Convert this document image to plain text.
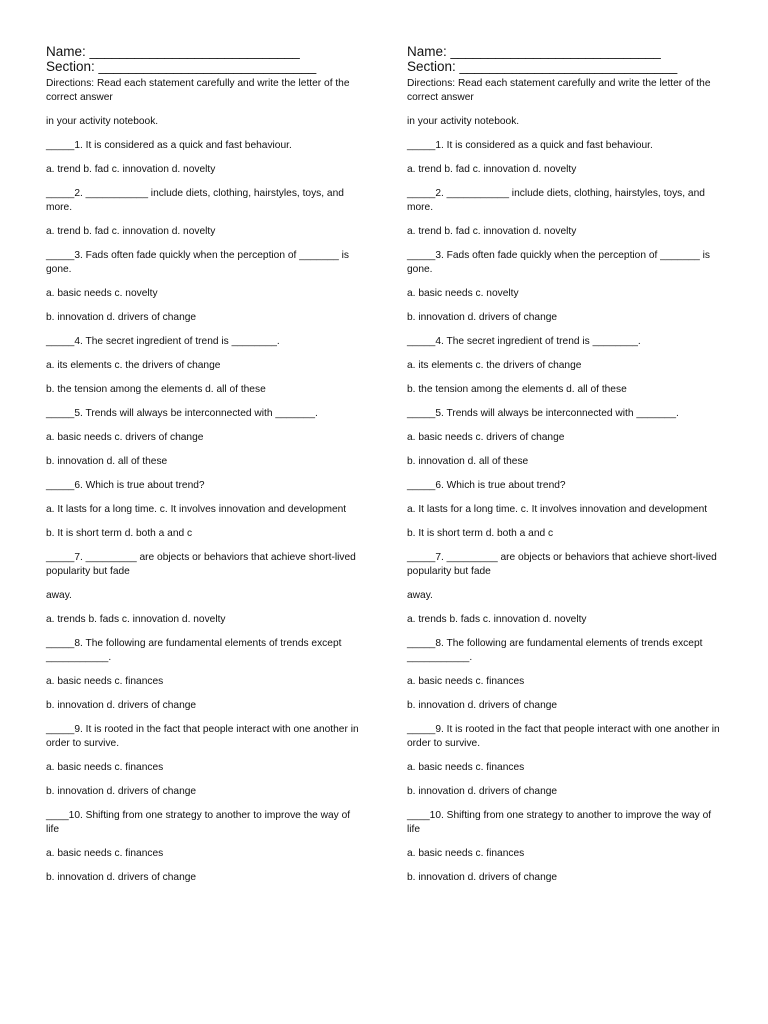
Name: ____________________________

Section: _____________________________

Directions: Read each statement carefully and write the letter of the correct answer

in your activity notebook.

_____1. It is considered as a quick and fast behaviour.

a. trend b. fad c. innovation d. novelty

_____2. ___________ include diets, clothing, hairstyles, toys, and more.

a. trend b. fad c. innovation d. novelty

_____3. Fads often fade quickly when the perception of _______ is gone.

a. basic needs c. novelty

b. innovation d. drivers of change

_____4. The secret ingredient of trend is ________.

a. its elements c. the drivers of change

b. the tension among the elements d. all of these

_____5. Trends will always be interconnected with _______.

a. basic needs c. drivers of change

b. innovation d. all of these

_____6. Which is true about trend?

a. It lasts for a long time. c. It involves innovation and development

b. It is short term d. both a and c

_____7. _________ are objects or behaviors that achieve short-lived popularity but fade

away.

a. trends b. fads c. innovation d. novelty

_____8. The following are fundamental elements of trends except ___________.

a. basic needs c. finances

b. innovation d. drivers of change

_____9. It is rooted in the fact that people interact with one another in order to survive.

a. basic needs c. finances

b. innovation d. drivers of change

____10. Shifting from one strategy to another to improve the way of life

a. basic needs c. finances

b. innovation d. drivers of change

Name: ____________________________

Section: _____________________________

Directions: Read each statement carefully and write the letter of the correct answer

in your activity notebook.

_____1. It is considered as a quick and fast behaviour.

a. trend b. fad c. innovation d. novelty

_____2. ___________ include diets, clothing, hairstyles, toys, and more.

a. trend b. fad c. innovation d. novelty

_____3. Fads often fade quickly when the perception of _______ is gone.

a. basic needs c. novelty

b. innovation d. drivers of change

_____4. The secret ingredient of trend is ________.

a. its elements c. the drivers of change

b. the tension among the elements d. all of these

_____5. Trends will always be interconnected with _______.

a. basic needs c. drivers of change

b. innovation d. all of these

_____6. Which is true about trend?

a. It lasts for a long time. c. It involves innovation and development

b. It is short term d. both a and c

_____7. _________ are objects or behaviors that achieve short-lived popularity but fade

away.

a. trends b. fads c. innovation d. novelty

_____8. The following are fundamental elements of trends except ___________.

a. basic needs c. finances

b. innovation d. drivers of change

_____9. It is rooted in the fact that people interact with one another in order to survive.

a. basic needs c. finances

b. innovation d. drivers of change

____10. Shifting from one strategy to another to improve the way of life

a. basic needs c. finances

b. innovation d. drivers of change
